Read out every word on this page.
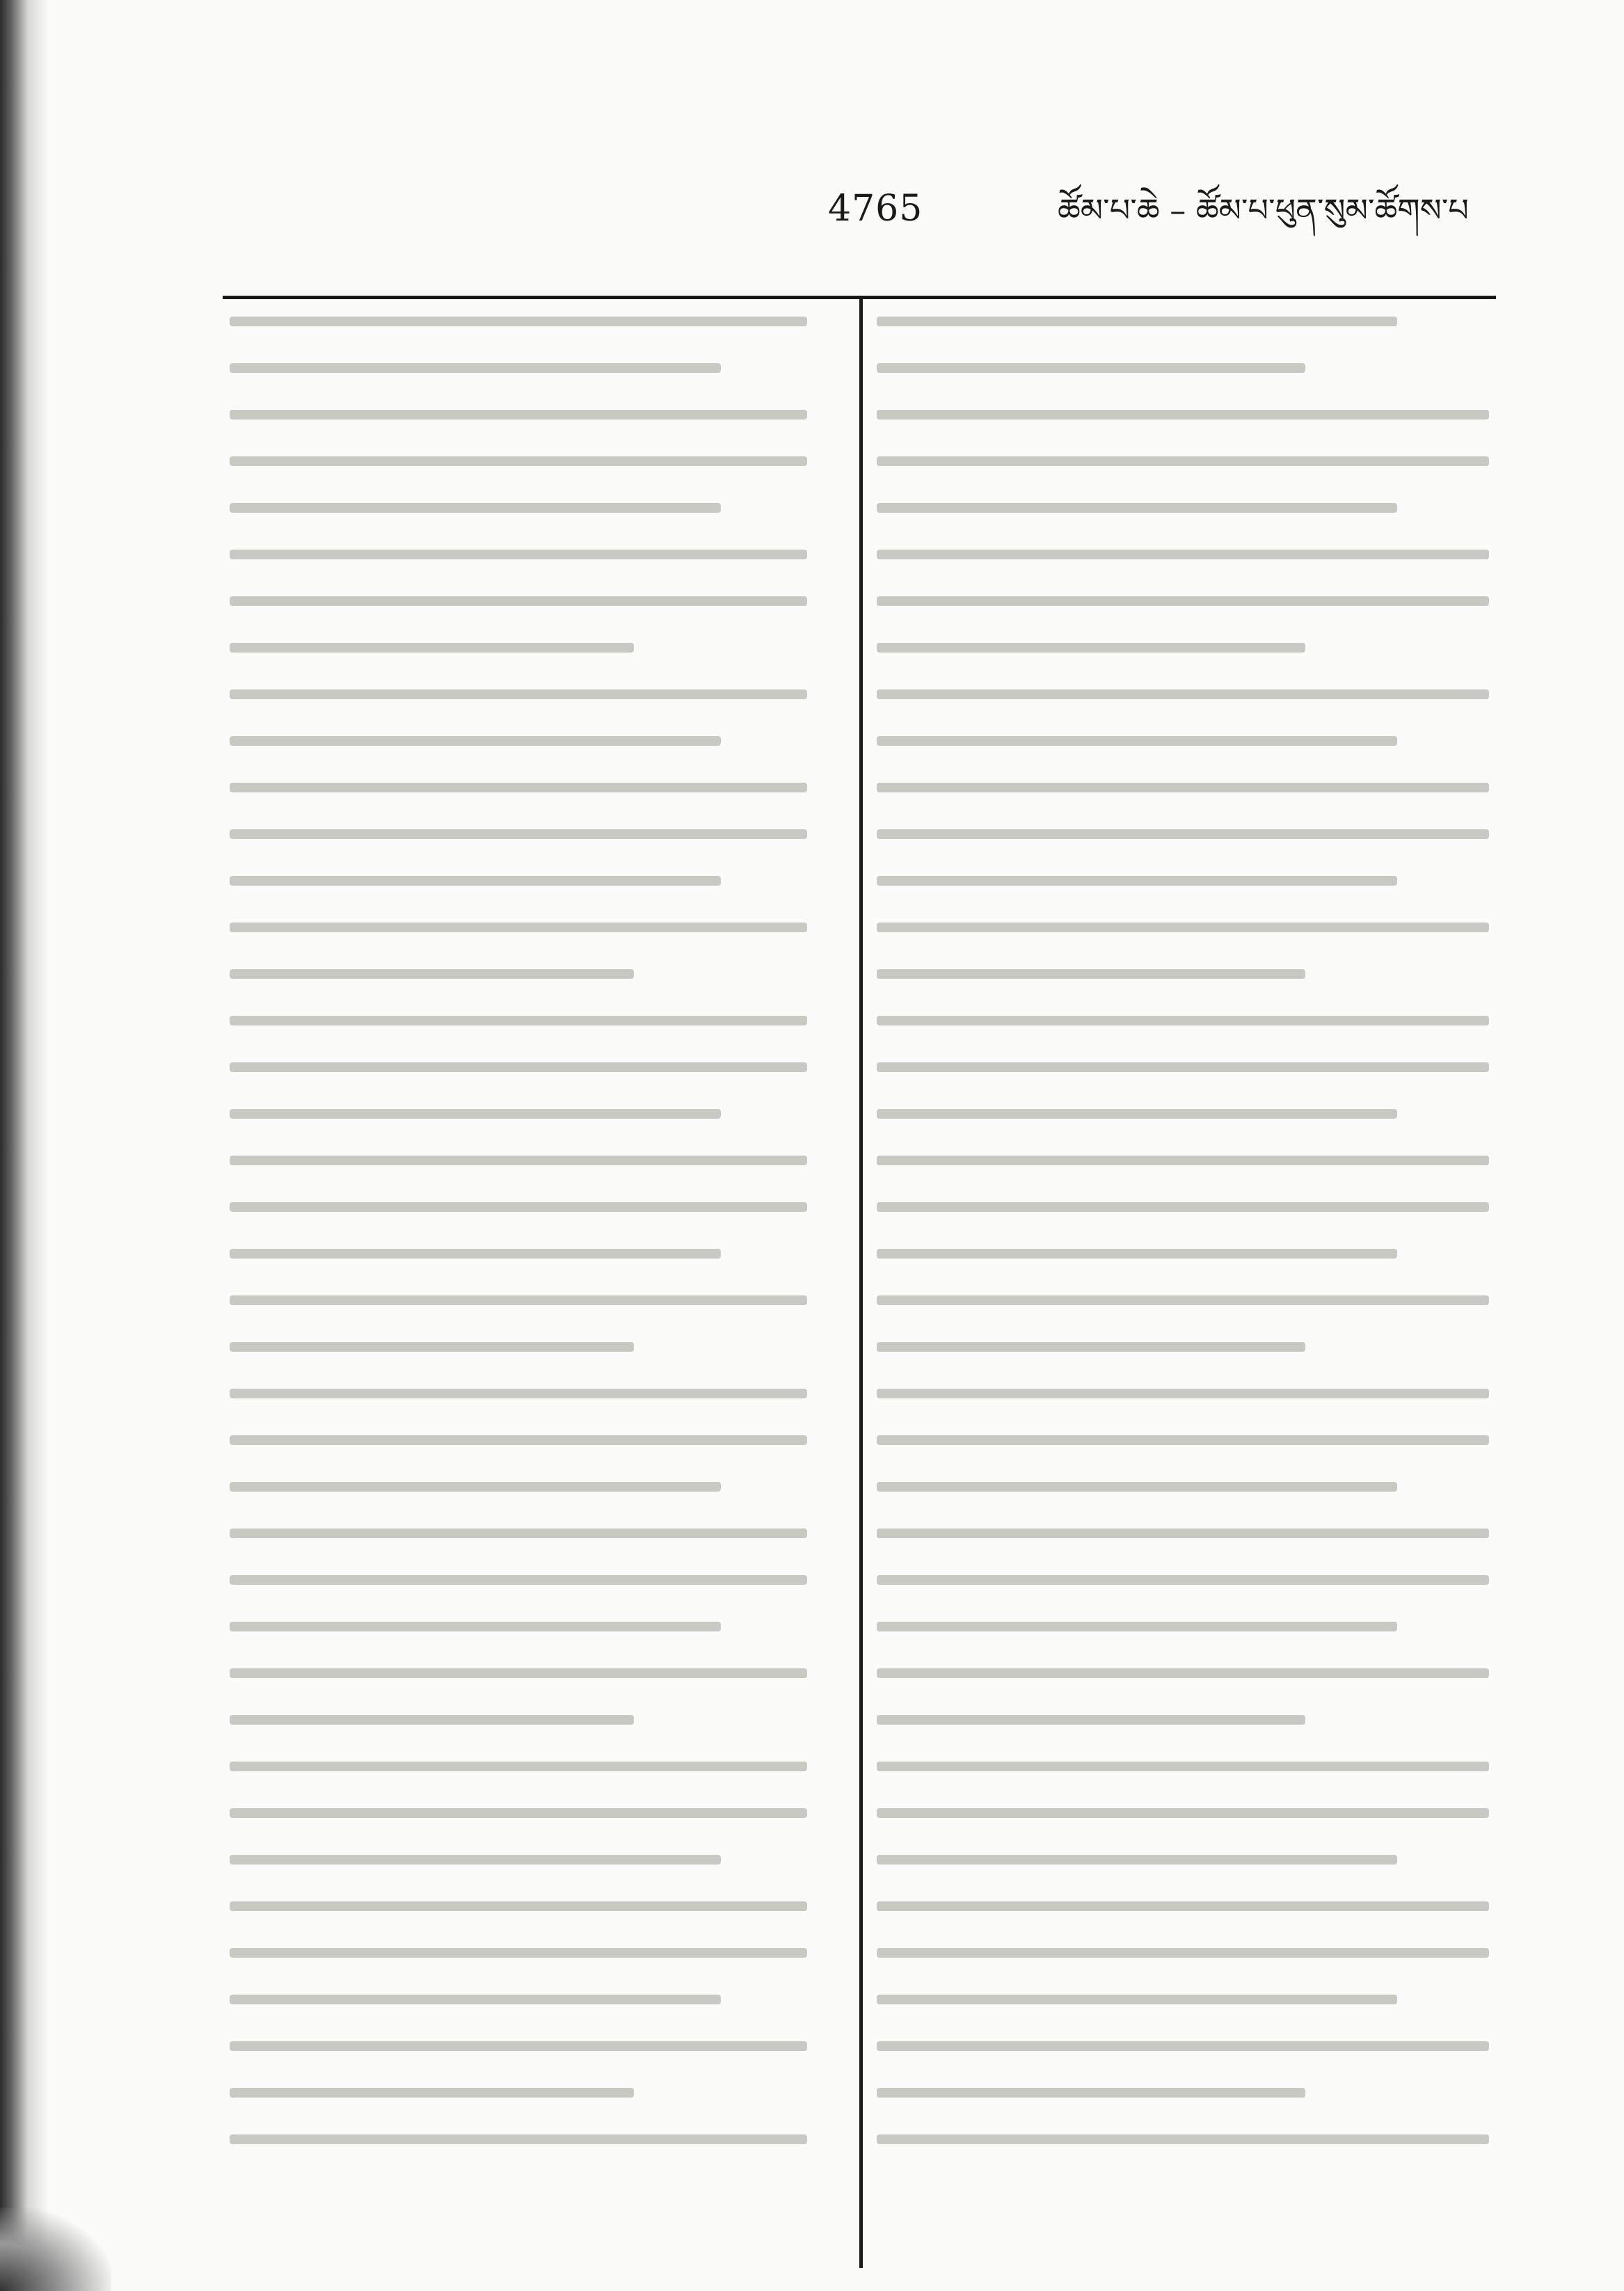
4765	ཚོམ་པ་ཆེ – ཚོམ་པ་ཕུན་སུམ་ཚོགས་པ
